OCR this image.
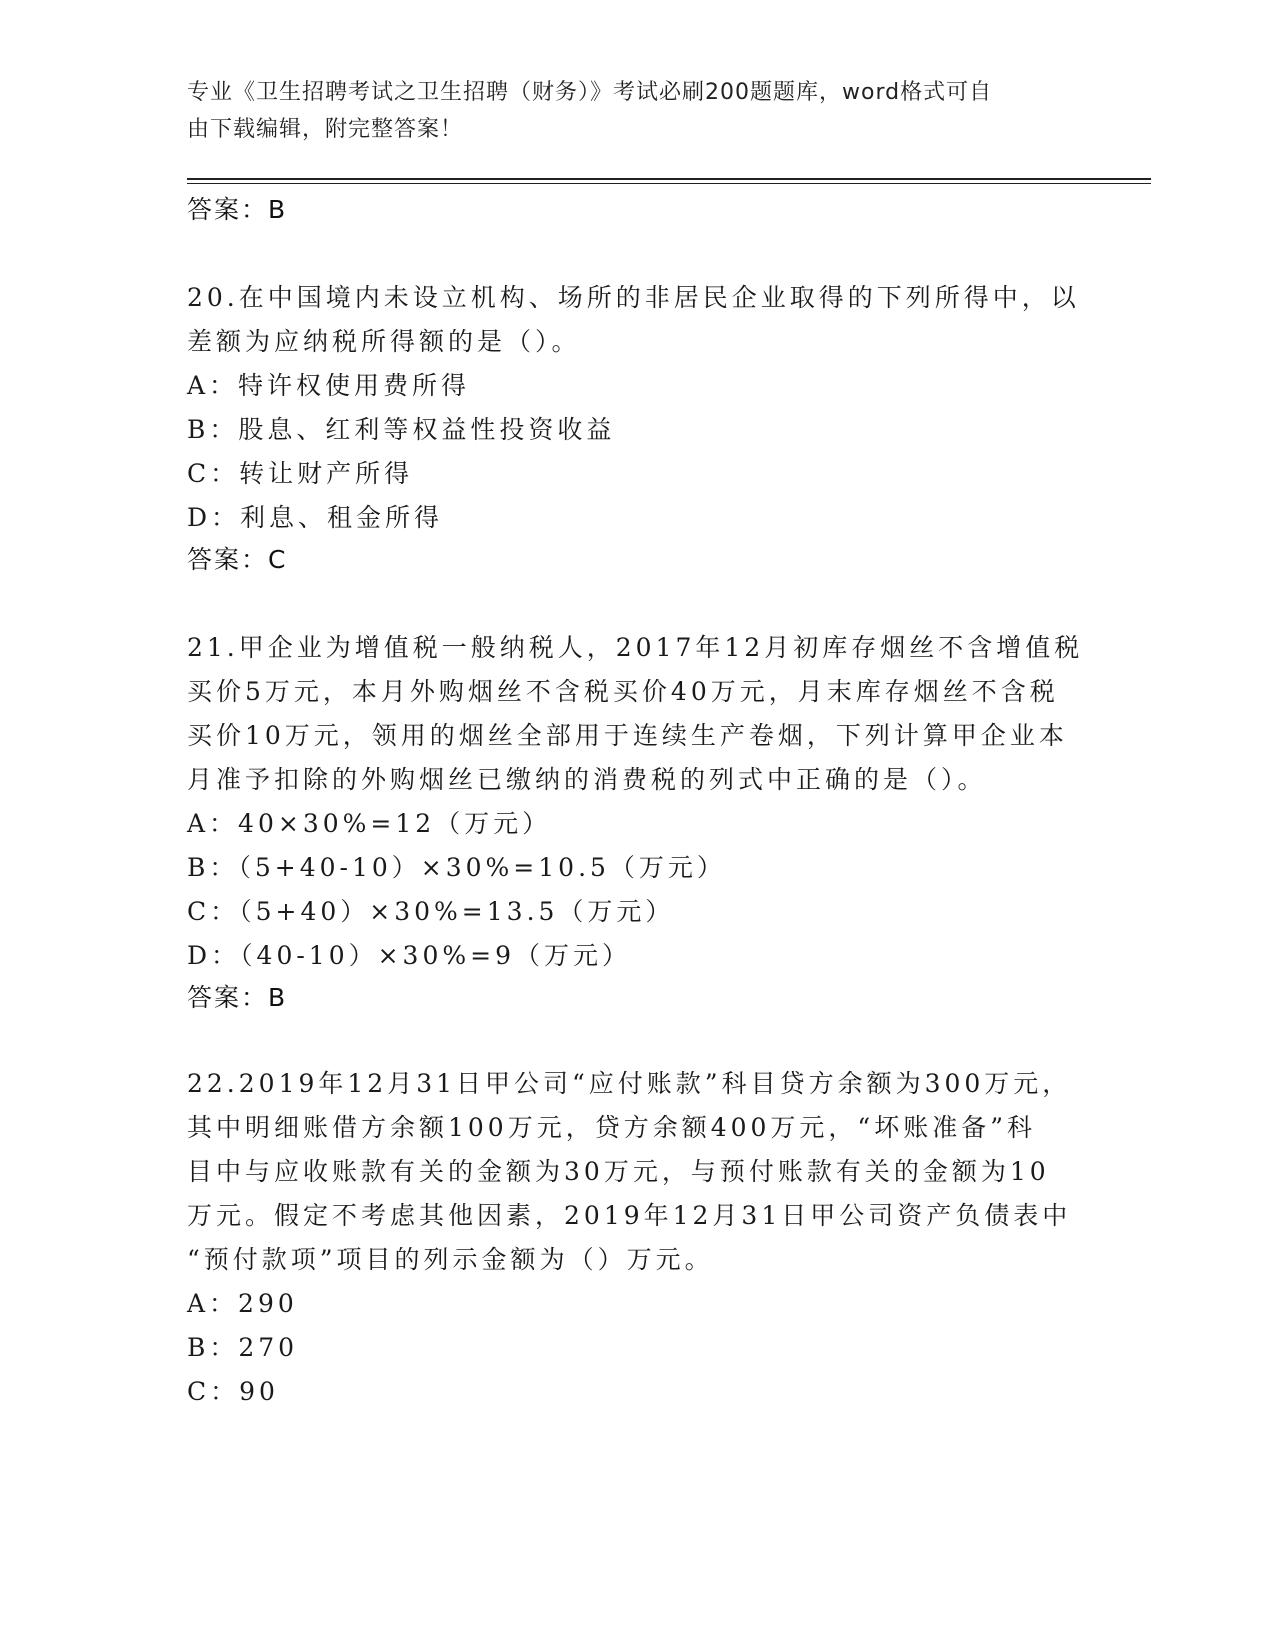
专业《卫生招聘考试之卫生招聘（财务）》考试必刷200题题库，word格式可自
由下载编辑，附完整答案！
答案：B
20.在中国境内未设立机构、场所的非居民企业取得的下列所得中，以
差额为应纳税所得额的是（）。
A：特许权使用费所得
B：股息、红利等权益性投资收益
C：转让财产所得
D：利息、租金所得
答案：C
21.甲企业为增值税一般纳税人，2017年12月初库存烟丝不含增值税
买价5万元，本月外购烟丝不含税买价40万元，月末库存烟丝不含税
买价10万元，领用的烟丝全部用于连续生产卷烟，下列计算甲企业本
月准予扣除的外购烟丝已缴纳的消费税的列式中正确的是（）。
A：40×30%=12（万元）
B：（5+40-10）×30%=10.5（万元）
C：（5+40）×30%=13.5（万元）
D：（40-10）×30%=9（万元）
答案：B
22.2019年12月31日甲公司“应付账款”科目贷方余额为300万元，
其中明细账借方余额100万元，贷方余额400万元，“坏账准备”科
目中与应收账款有关的金额为30万元，与预付账款有关的金额为10
万元。假定不考虑其他因素，2019年12月31日甲公司资产负债表中
“预付款项”项目的列示金额为（）万元。
A：290
B：270
C：90
